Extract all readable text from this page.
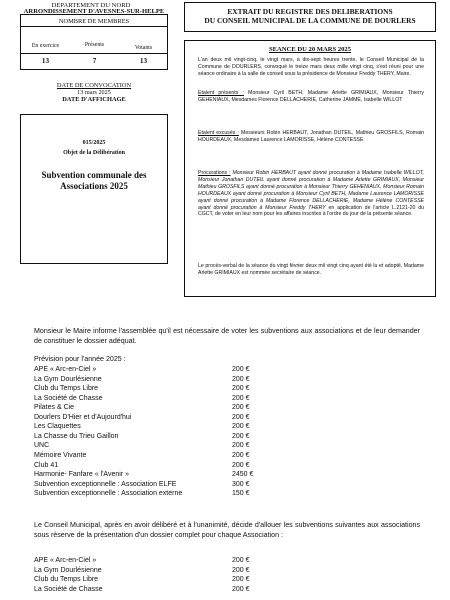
DEPARTEMENT DU NORD
ARRONDISSEMENT D'AVESNES-SUR-HELPE
NOMBRE DE MEMBRES
En exercice	Présents	Votants
13	7	13
DATE DE CONVOCATION
13 mars 2025
DATE D'AFFICHAGE
015/2025
Objet de la Délibération
Subvention communale des
Associations 2025
EXTRAIT DU REGISTRE DES DELIBERATIONS
DU CONSEIL MUNICIPAL DE LA COMMUNE DE DOURLERS
SEANCE DU 20 MARS 2025
L'an deux mil vingt-cinq, le vingt mars, à dix-sept heures trente, le Conseil Municipal de la Commune de DOURLERS, convoqué le treize mars deux mille vingt cinq, s'est réuni pour une séance ordinaire à la salle de conseil sous la présidence de Monsieur Freddy THERY, Maire.
Etaient présents : Monsieur Cyril BETH, Madame Arlette GRIMIAUX, Monsieur Thierry GEHENIAUX, Mesdames Florence DELLACHERIE, Catherine JAMME, Isabelle WILLOT
Etaient excusés : Messieurs Robin HERBAUT, Jonathan DUTEIL, Mathieu GROSFILS, Romain HOURDEAUX, Mesdames Laurence LAMORISSE, Hélène CONTESSE
Procurations : Monsieur Robin HERBAUT ayant donné procuration à Madame Isabelle WILLOT, Monsieur Jonathan DUTEIL ayant donné procuration à Madame Arlette GRIMIAUX, Monsieur Mathieu GROSFILS ayant donné procuration à Monsieur Thierry GEHENIAUX, Monsieur Romain HOURDEAUX ayant donné procuration à Monsieur Cyril BETH, Madame Laurence LAMORISSE ayant donné procuration à Madame Florence DELLACHERIE, Madame Hélène CONTESSE ayant donné procuration à Monsieur Freddy THERY en application de l'article L.2121-20 du CGCT, de voter en leur nom pour les affaires inscrites à l'ordre du jour de la présente séance.
Le procès-verbal de la séance du vingt février deux mil vingt cinq ayant été lu et adopté, Madame Arlette GRIMIAUX est nommée secrétaire de séance.
Monsieur le Maire informe l'assemblée qu'il est nécessaire de voter les subventions aux associations et de leur demander de constituer le dossier adéquat.
Prévision pour l'année 2025 :
APE « Arc-en-Ciel »	200 €
La Gym Dourlésienne	200 €
Club du Temps Libre	200 €
La Société de Chasse	200 €
Pilates & Cie	200 €
Dourlers D'Hier et d'Aujourd'hui	200 €
Les Claquettes	200 €
La Chasse du Trieu Gaillon	200 €
UNC	200 €
Mémoire Vivante	200 €
Club 41	200 €
Harmonie- Fanfare « l'Avenir »	2450 €
Subvention exceptionnelle : Association ELFE	300 €
Subvention exceptionnelle : Association externe	150 €
Le Conseil Municipal, après en avoir délibéré et à l'unanimité, décide d'allouer les subventions suivantes aux associations sous réserve de la présentation d'un dossier complet pour chaque Association :
APE « Arc-en-Ciel »	200 €
La Gym Dourlésienne	200 €
Club du Temps Libre	200 €
La Société de Chasse	200 €
